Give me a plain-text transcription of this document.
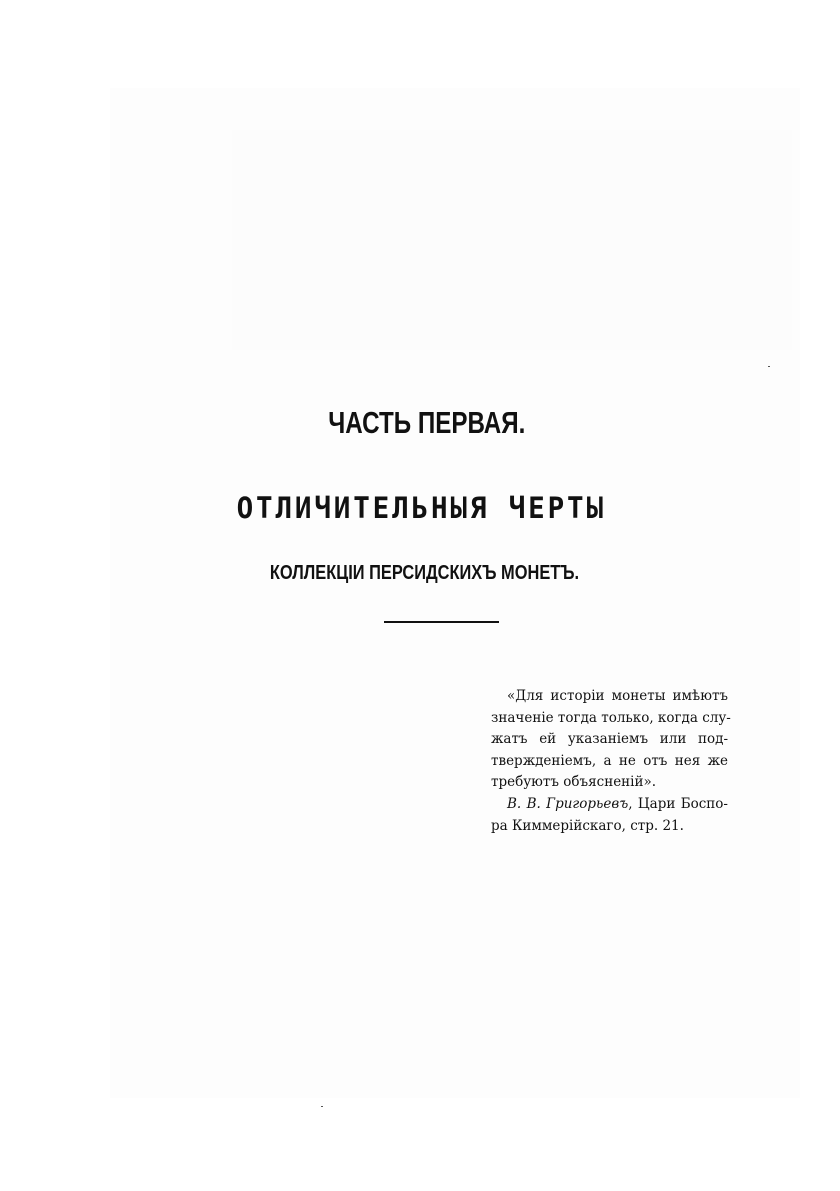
ЧАСТЬ ПЕРВАЯ.
ОТЛИЧИТЕЛЬНЫЯ ЧЕРТЫ
КОЛЛЕКЦІИ ПЕРСИДСКИХЪ МОНЕТЪ.
«Для исторіи монеты имѣютъ
значеніе тогда только, когда слу-
жатъ ей указаніемъ или под-
твержденіемъ, а не отъ нея же
требуютъ объясненій».
В. В. Григорьевъ, Цари Боспо-
ра Киммерійскаго, стр. 21.
